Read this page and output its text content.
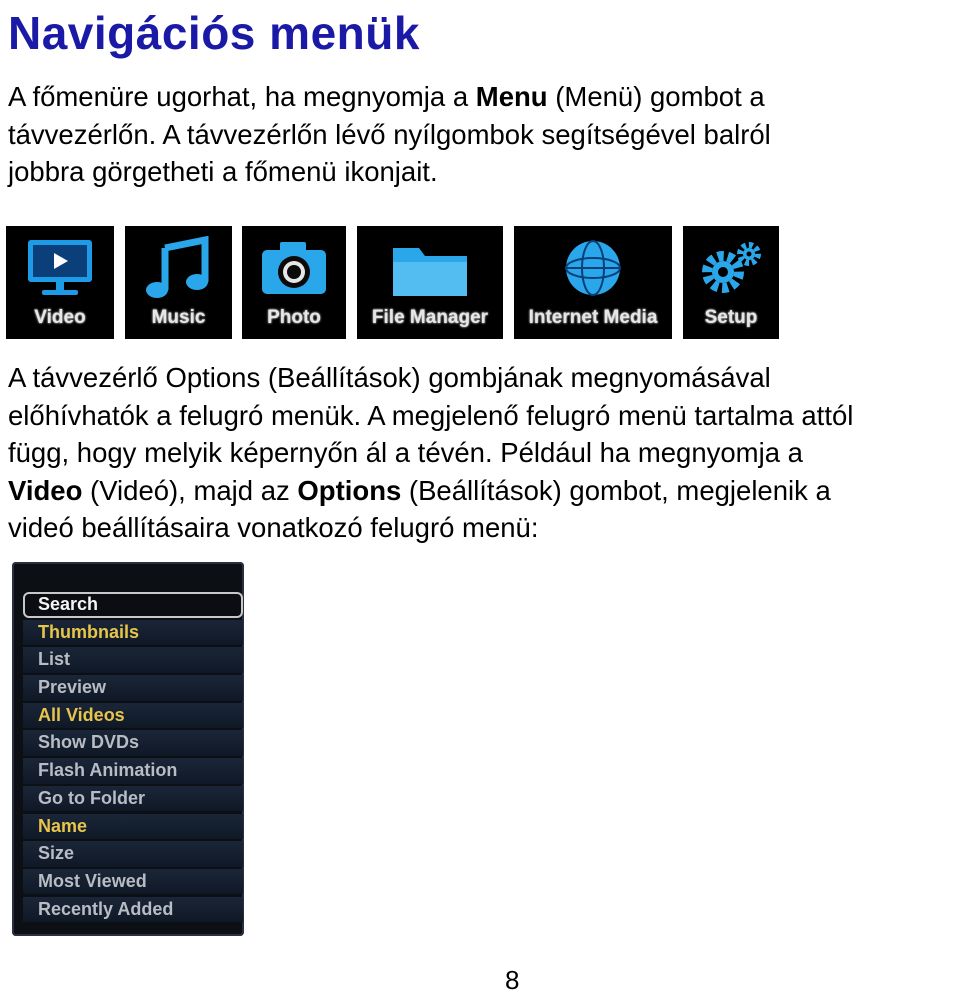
Navigációs menük

A főmenüre ugorhat, ha megnyomja a Menu (Menü) gombot a
távvezérlőn. A távvezérlőn lévő nyílgombok segítségével balról
jobbra görgetheti a főmenü ikonjait.

Video	Music	Photo	File Manager	Internet Media	Setup

A távvezérlő Options (Beállítások) gombjának megnyomásával
előhívhatók a felugró menük. A megjelenő felugró menü tartalma attól
függ, hogy melyik képernyőn ál a tévén. Például ha megnyomja a
Video (Videó), majd az Options (Beállítások) gombot, megjelenik a
videó beállításaira vonatkozó felugró menü:

Search
Thumbnails
List
Preview
All Videos
Show DVDs
Flash Animation
Go to Folder
Name
Size
Most Viewed
Recently Added
8
